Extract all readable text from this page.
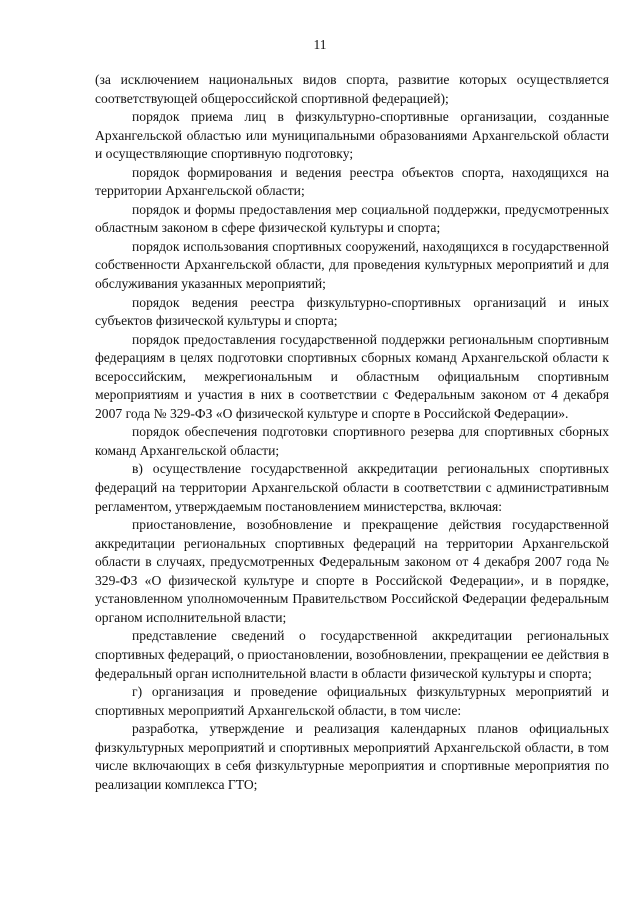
11

(за исключением национальных видов спорта, развитие которых осуществляется соответствующей общероссийской спортивной федерацией);

порядок приема лиц в физкультурно-спортивные организации, созданные Архангельской областью или муниципальными образованиями Архангельской области и осуществляющие спортивную подготовку;

порядок формирования и ведения реестра объектов спорта, находящихся на территории Архангельской области;

порядок и формы предоставления мер социальной поддержки, предусмотренных областным законом в сфере физической культуры и спорта;

порядок использования спортивных сооружений, находящихся в государственной собственности Архангельской области, для проведения культурных мероприятий и для обслуживания указанных мероприятий;

порядок ведения реестра физкультурно-спортивных организаций и иных субъектов физической культуры и спорта;

порядок предоставления государственной поддержки региональным спортивным федерациям в целях подготовки спортивных сборных команд Архангельской области к всероссийским, межрегиональным и областным официальным спортивным мероприятиям и участия в них в соответствии с Федеральным законом от 4 декабря 2007 года № 329-ФЗ «О физической культуре и спорте в Российской Федерации».

порядок обеспечения подготовки спортивного резерва для спортивных сборных команд Архангельской области;

в) осуществление государственной аккредитации региональных спортивных федераций на территории Архангельской области в соответствии с административным регламентом, утверждаемым постановлением министерства, включая:

приостановление, возобновление и прекращение действия государственной аккредитации региональных спортивных федераций на территории Архангельской области в случаях, предусмотренных Федеральным законом от 4 декабря 2007 года № 329-ФЗ «О физической культуре и спорте в Российской Федерации», и в порядке, установленном уполномоченным Правительством Российской Федерации федеральным органом исполнительной власти;

представление сведений о государственной аккредитации региональных спортивных федераций, о приостановлении, возобновлении, прекращении ее действия в федеральный орган исполнительной власти в области физической культуры и спорта;

г) организация и проведение официальных физкультурных мероприятий и спортивных мероприятий Архангельской области, в том числе:

разработка, утверждение и реализация календарных планов официальных физкультурных мероприятий и спортивных мероприятий Архангельской области, в том числе включающих в себя физкультурные мероприятия и спортивные мероприятия по реализации комплекса ГТО;
